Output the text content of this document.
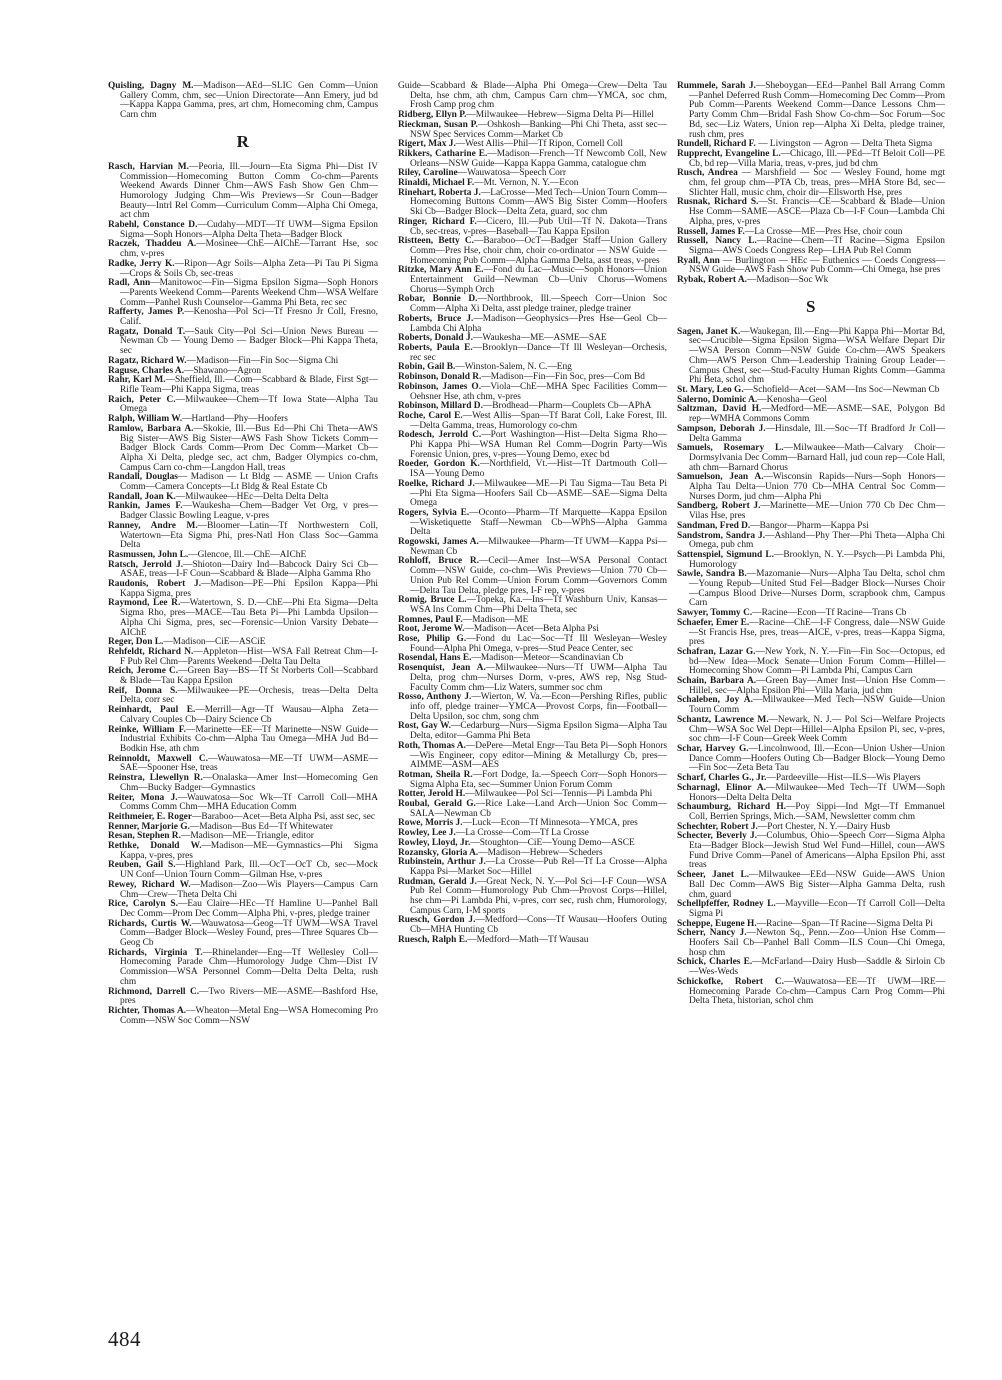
Quisling, Dagny M.—Madison—AEd—SLIC Gen Comm—Union Gallery Comm, chm, sec—Union Directorate—Ann Emery, jud bd—Kappa Kappa Gamma, pres, art chm, Homecoming chm, Campus Carn chm

R

Rasch, Harvian M.—Peoria, Ill.—Journ—Eta Sigma Phi—Dist IV Commission—Homecoming Button Comm Co-chm—Parents Weekend Awards Dinner Chm—AWS Fash Show Gen Chm—Humorology Judging Chm—Wis Previews—Sr Coun—Badger Beauty—Intrl Rel Comm—Curriculum Comm—Alpha Chi Omega, act chm

Rabehl, Constance D.—Cudahy—MDT—Tf UWM—Sigma Epsilon Sigma—Soph Honors—Alpha Delta Theta—Badger Block

Raczek, Thaddeu A.—Mosinee—ChE—AIChE—Tarrant Hse, soc chm, v-pres

Radke, Jerry K.—Ripon—Agr Soils—Alpha Zeta—Pi Tau Pi Sigma—Crops & Soils Cb, sec-treas

Radl, Ann—Manitowoc—Fin—Sigma Epsilon Sigma—Soph Honors—Parents Weekend Comm—Parents Weekend Chm—WSA Welfare Comm—Panhel Rush Counselor—Gamma Phi Beta, rec sec

Rafferty, James P.—Kenosha—Pol Sci—Tf Fresno Jr Coll, Fresno, Calif.

Ragatz, Donald T.—Sauk City—Pol Sci—Union News Bureau — Newman Cb — Young Demo — Badger Block—Phi Kappa Theta, sec

Ragatz, Richard W.—Madison—Fin—Fin Soc—Sigma Chi

Raguse, Charles A.—Shawano—Agron

Rahr, Karl M.—Sheffield, Ill.—Com—Scabbard & Blade, First Sgt—Rifle Team—Phi Kappa Sigma, treas

Raich, Peter C.—Milwaukee—Chem—Tf Iowa State—Alpha Tau Omega

Ralph, William W.—Hartland—Phy—Hoofers

Ramlow, Barbara A.—Skokie, Ill.—Bus Ed—Phi Chi Theta—AWS Big Sister—AWS Big Sister—AWS Fash Show Tickets Comm—Badger Block Cards Comm—Prom Dec Comm—Market Cb—Alpha Xi Delta, pledge sec, act chm, Badger Olympics co-chm, Campus Carn co-chm—Langdon Hall, treas

Randall, Douglas— Madison — Lt Bldg — ASME — Union Crafts Comm—Camera Concepts—Lt Bldg & Real Estate Cb

Randall, Joan K.—Milwaukee—HEc—Delta Delta Delta

Rankin, James F.—Waukesha—Chem—Badger Vet Org, v pres—Badger Classic Bowling League, v-pres

Ranney, Andre M.—Bloomer—Latin—Tf Northwestern Coll, Watertown—Eta Sigma Phi, pres-Natl Hon Class Soc—Gamma Delta

Rasmussen, John L.—Glencoe, Ill.—ChE—AIChE

Ratsch, Jerrold J.—Shioton—Dairy Ind—Babcock Dairy Sci Cb—ASAE, treas—I-F Coun—Scabbard & Blade—Alpha Gamma Rho

Raudonis, Robert J.—Madison—PE—Phi Epsilon Kappa—Phi Kappa Sigma, pres

Raymond, Lee R.—Watertown, S. D.—ChE—Phi Eta Sigma—Delta Sigma Rho, pres—MACE—Tau Beta Pi—Phi Lambda Upsilon—Alpha Chi Sigma, pres, sec—Forensic—Union Varsity Debate—AIChE

Reger, Don L.—Madison—CiE—ASCiE

Rehfeldt, Richard N.—Appleton—Hist—WSA Fall Retreat Chm—I-F Pub Rel Chm—Parents Weekend—Delta Tau Delta

Reich, Jerome C.—Green Bay—BS—Tf St Norberts Coll—Scabbard & Blade—Tau Kappa Epsilon

Reif, Donna S.—Milwaukee—PE—Orchesis, treas—Delta Delta Delta, corr sec

Reinhardt, Paul E.—Merrill—Agr—Tf Wausau—Alpha Zeta—Calvary Couples Cb—Dairy Science Cb

Reinke, William F.—Marinette—EE—Tf Marinette—NSW Guide—Industrial Exhibits Co-chm—Alpha Tau Omega—MHA Jud Bd—Bodkin Hse, ath chm

Reinnoldt, Maxwell C.—Wauwatosa—ME—Tf UWM—ASME—SAE—Spooner Hse, treas

Reinstra, Llewellyn R.—Onalaska—Amer Inst—Homecoming Gen Chm—Bucky Badger—Gymnastics

Reiter, Mona J.—Wauwatosa—Soc Wk—Tf Carroll Coll—MHA Comms Comm Chm—MHA Education Comm

Reithmeier, E. Roger—Baraboo—Acet—Beta Alpha Psi, asst sec, sec

Renner, Marjorie G.—Madison—Bus Ed—Tf Whitewater

Resan, Stephen R.—Madison—ME—Triangle, editor

Rethke, Donald W.—Madison—ME—Gymnastics—Phi Sigma Kappa, v-pres, pres

Reuben, Gail S.—Highland Park, Ill.—OcT—OcT Cb, sec—Mock UN Conf—Union Tourn Comm—Gilman Hse, v-pres

Rewey, Richard W.—Madison—Zoo—Wis Players—Campus Carn Chm—Crew—Theta Delta Chi

Rice, Carolyn S.—Eau Claire—HEc—Tf Hamline U—Panhel Ball Dec Comm—Prom Dec Comm—Alpha Phi, v-pres, pledge trainer

Richards, Curtis W.—Wauwatosa—Geog—Tf UWM—WSA Travel Comm—Badger Block—Wesley Found, pres—Three Squares Cb—Geog Cb

Richards, Virginia T.—Rhinelander—Eng—Tf Wellesley Coll—Homecoming Parade Chm—Humorology Judge Chm—Dist IV Commission—WSA Personnel Comm—Delta Delta Delta, rush chm

Richmond, Darrell C.—Two Rivers—ME—ASME—Bashford Hse, pres

Richter, Thomas A.—Wheaton—Metal Eng—WSA Homecoming Pro Comm—NSW Soc Comm—NSW

Guide—Scabbard & Blade—Alpha Phi Omega—Crew—Delta Tau Delta, hse chm, ath chm, Campus Carn chm—YMCA, soc chm, Frosh Camp prog chm

Ridberg, Ellyn P.—Milwaukee—Hebrew—Sigma Delta Pi—Hillel

Rieckman, Susan P.—Oshkosh—Banking—Phi Chi Theta, asst sec—NSW Spec Services Comm—Market Cb

Rigert, Max J.—West Allis—Phil—Tf Ripon, Cornell Coll

Rikkers, Catharine E.—Madison—French—Tf Newcomb Coll, New Orleans—NSW Guide—Kappa Kappa Gamma, catalogue chm

Riley, Caroline—Wauwatosa—Speech Corr

Rinaldi, Michael F.—Mt. Vernon, N. Y.—Econ

Rinehart, Roberta J.—LaCrosse—Med Tech—Union Tourn Comm—Homecoming Buttons Comm—AWS Big Sister Comm—Hoofers Ski Cb—Badger Block—Delta Zeta, guard, soc chm

Ringer, Richard F.—Cicero, Ill.—Pub Util—Tf N. Dakota—Trans Cb, sec-treas, v-pres—Baseball—Tau Kappa Epsilon

Ristteen, Betty C.—Baraboo—OcT—Badger Staff—Union Gallery Comm—Pres Hse, choir chm, choir co-ordinator — NSW Guide — Homecoming Pub Comm—Alpha Gamma Delta, asst treas, v-pres

Ritzke, Mary Ann E.—Fond du Lac—Music—Soph Honors—Union Entertainment Guild—Newman Cb—Univ Chorus—Womens Chorus—Symph Orch

Robar, Bonnie D.—Northbrook, Ill.—Speech Corr—Union Soc Comm—Alpha Xi Delta, asst pledge trainer, pledge trainer

Roberts, Bruce J.—Madison—Geophysics—Pres Hse—Geol Cb—Lambda Chi Alpha

Roberts, Donald J.—Waukesha—ME—ASME—SAE

Roberts, Paula E.—Brooklyn—Dance—Tf Ill Wesleyan—Orchesis, rec sec

Robin, Gail B.—Winston-Salem, N. C.—Eng

Robinson, Donald R.—Madison—Fin—Fin Soc, pres—Com Bd

Robinson, James O.—Viola—ChE—MHA Spec Facilities Comm—Oehsner Hse, ath chm, v-pres

Robinson, Millard D.—Brodhead—Pharm—Couplets Cb—APhA

Roche, Carol E.—West Allis—Span—Tf Barat Coll, Lake Forest, Ill.—Delta Gamma, treas, Humorology co-chm

Rodesch, Jerrold C.—Port Washington—Hist—Delta Sigma Rho—Phi Kappa Phi—WSA Human Rel Comm—Dogrin Party—Wis Forensic Union, pres, v-pres—Young Demo, exec bd

Roeder, Gordon K.—Northfield, Vt.—Hist—Tf Dartmouth Coll—ISA—Young Demo

Roelke, Richard J.—Milwaukee—ME—Pi Tau Sigma—Tau Beta Pi—Phi Eta Sigma—Hoofers Sail Cb—ASME—SAE—Sigma Delta Omega

Rogers, Sylvia E.—Oconto—Pharm—Tf Marquette—Kappa Epsilon—Wisketiquette Staff—Newman Cb—WPhS—Alpha Gamma Delta

Rogowski, James A.—Milwaukee—Pharm—Tf UWM—Kappa Psi—Newman Cb

Rohloff, Bruce R.—Cecil—Amer Inst—WSA Personal Contact Comm—NSW Guide, co-chm—Wis Previews—Union 770 Cb—Union Pub Rel Comm—Union Forum Comm—Governors Comm—Delta Tau Delta, pledge pres, I-F rep, v-pres

Romig, Bruce L.—Topeka, Ka.—Ins—Tf Washburn Univ, Kansas—WSA Ins Comm Chm—Phi Delta Theta, sec

Romnes, Paul F.—Madison—ME

Root, Jerome W.—Madison—Acet—Beta Alpha Psi

Rose, Philip G.—Fond du Lac—Soc—Tf Ill Wesleyan—Wesley Found—Alpha Phi Omega, v-pres—Stud Peace Center, sec

Rosendal, Hans E.—Madison—Meteor—Scandinavian Cb

Rosenquist, Jean A.—Milwaukee—Nurs—Tf UWM—Alpha Tau Delta, prog chm—Nurses Dorm, v-pres, AWS rep, Nsg Stud-Faculty Comm chm—Liz Waters, summer soc chm

Rosso, Anthony J.—Wierton, W. Va.—Econ—Pershing Rifles, public info off, pledge trainer—YMCA—Provost Corps, fin—Football—Delta Upsilon, soc chm, song chm

Rost, Gay W.—Cedarburg—Nurs—Sigma Epsilon Sigma—Alpha Tau Delta, editor—Gamma Phi Beta

Roth, Thomas A.—DePere—Metal Engr—Tau Beta Pi—Soph Honors—Wis Engineer, copy editor—Mining & Metallurgy Cb, pres—AIMME—ASM—AES

Rotman, Sheila R.—Fort Dodge, Ia.—Speech Corr—Soph Honors—Sigma Alpha Eta, sec—Summer Union Forum Comm

Rotter, Jerold H.—Milwaukee—Pol Sci—Tennis—Pi Lambda Phi

Roubal, Gerald G.—Rice Lake—Land Arch—Union Soc Comm—SALA—Newman Cb

Rowe, Morris J.—Luck—Econ—Tf Minnesota—YMCA, pres

Rowley, Lee J.—La Crosse—Com—Tf La Crosse

Rowley, Lloyd, Jr.—Stoughton—CiE—Young Demo—ASCE

Rozansky, Gloria A.—Madison—Hebrew—Scheders

Rubinstein, Arthur J.—La Crosse—Pub Rel—Tf La Crosse—Alpha Kappa Psi—Market Soc—Hillel

Rudman, Gerald J.—Great Neck, N. Y.—Pol Sci—I-F Coun—WSA Pub Rel Comm—Humorology Pub Chm—Provost Corps—Hillel, hse chm—Pi Lambda Phi, v-pres, corr sec, rush chm, Humorology, Campus Carn, I-M sports

Ruesch, Gordon J.—Medford—Cons—Tf Wausau—Hoofers Outing Cb—MHA Hunting Cb

Ruesch, Ralph E.—Medford—Math—Tf Wausau

Rummele, Sarah J.—Sheboygan—EEd—Panhel Ball Arrang Comm—Panhel Deferred Rush Comm—Homecoming Dec Comm—Prom Pub Comm—Parents Weekend Comm—Dance Lessons Chm—Party Comm Chm—Bridal Fash Show Co-chm—Soc Forum—Soc Bd, sec—Liz Waters, Union rep—Alpha Xi Delta, pledge trainer, rush chm, pres

Rundell, Richard F. — Livingston — Agron — Delta Theta Sigma

Rupprecht, Evangeline L.—Chicago, Ill.—PEd—Tf Beloit Coll—PE Cb, bd rep—Villa Maria, treas, v-pres, jud bd chm

Rusch, Andrea — Marshfield — Soc — Wesley Found, home mgt chm, fel group chm—PTA Cb, treas, pres—MHA Store Bd, sec—Slichter Hall, music chm, choir dir—Ellsworth Hse, pres

Rusnak, Richard S.—St. Francis—CE—Scabbard & Blade—Union Hse Comm—SAME—ASCE—Plaza Cb—I-F Coun—Lambda Chi Alpha, pres, v-pres

Russell, James F.—La Crosse—ME—Pres Hse, choir coun

Russell, Nancy L.—Racine—Chem—Tf Racine—Sigma Epsilon Sigma—AWS Coeds Congress Rep—LHA Pub Rel Comm

Ryall, Ann — Burlington — HEc — Euthenics — Coeds Congress—NSW Guide—AWS Fash Show Pub Comm—Chi Omega, hse pres

Rybak, Robert A.—Madison—Soc Wk

S

Sagen, Janet K.—Waukegan, Ill.—Eng—Phi Kappa Phi—Mortar Bd, sec—Crucible—Sigma Epsilon Sigma—WSA Welfare Depart Dir—WSA Person Comm—NSW Guide Co-chm—AWS Speakers Chm—AWS Person Chm—Leadership Training Group Leader—Campus Chest, sec—Stud-Faculty Human Rights Comm—Gamma Phi Beta, schol chm

St. Mary, Leo G.—Schofield—Acet—SAM—Ins Soc—Newman Cb

Salerno, Dominic A.—Kenosha—Geol

Saltzman, David H.—Medford—ME—ASME—SAE, Polygon Bd rep—WMHA Commons Comm

Sampson, Deborah J.—Hinsdale, Ill.—Soc—Tf Bradford Jr Coll—Delta Gamma

Samuels, Rosemary L.—Milwaukee—Math—Calvary Choir—Dormsylvania Dec Comm—Barnard Hall, jud coun rep—Cole Hall, ath chm—Barnard Chorus

Samuelson, Jean A.—Wisconsin Rapids—Nurs—Soph Honors—Alpha Tau Delta—Union 770 Cb—MHA Central Soc Comm—Nurses Dorm, jud chm—Alpha Phi

Sandberg, Robert J.—Marinette—ME—Union 770 Cb Dec Chm—Vilas Hse, pres

Sandman, Fred D.—Bangor—Pharm—Kappa Psi

Sandstrom, Sandra J.—Ashland—Phy Ther—Phi Theta—Alpha Chi Omega, pub chm

Sattenspiel, Sigmund L.—Brooklyn, N. Y.—Psych—Pi Lambda Phi, Humorology

Sawle, Sandra B.—Mazomanie—Nurs—Alpha Tau Delta, schol chm—Young Repub—United Stud Fel—Badger Block—Nurses Choir—Campus Blood Drive—Nurses Dorm, scrapbook chm, Campus Carn

Sawyer, Tommy C.—Racine—Econ—Tf Racine—Trans Cb

Schaefer, Emer E.—Racine—ChE—I-F Congress, dale—NSW Guide—St Francis Hse, pres, treas—AICE, v-pres, treas—Kappa Sigma, pres

Schafran, Lazar G.—New York, N. Y.—Fin—Fin Soc—Octopus, ed bd—New Idea—Mock Senate—Union Forum Comm—Hillel—Homecoming Show Comm—Pi Lambda Phi, Campus Carn

Schain, Barbara A.—Green Bay—Amer Inst—Union Hse Comm—Hillel, sec—Alpha Epsilon Phi—Villa Maria, jud chm

Schaleben, Joy A.—Milwaukee—Med Tech—NSW Guide—Union Tourn Comm

Schantz, Lawrence M.—Newark, N. J.— Pol Sci—Welfare Projects Chm—WSA Soc Wel Dept—Hillel—Alpha Epsilon Pi, sec, v-pres, soc chm—I-F Coun—Greek Week Comm

Schar, Harvey G.—Lincolnwood, Ill.—Econ—Union Usher—Union Dance Comm—Hoofers Outing Cb—Badger Block—Young Demo—Fin Soc—Zeta Beta Tau

Scharf, Charles G., Jr.—Pardeeville—Hist—ILS—Wis Players

Scharnagl, Elinor A.—Milwaukee—Med Tech—Tf UWM—Soph Honors—Delta Delta Delta

Schaumburg, Richard H.—Poy Sippi—Ind Mgt—Tf Emmanuel Coll, Berrien Springs, Mich.—SAM, Newsletter comm chm

Schechter, Robert J.—Port Chester, N. Y.—Dairy Husb

Schecter, Beverly J.—Columbus, Ohio—Speech Corr—Sigma Alpha Eta—Badger Block—Jewish Stud Wel Fund—Hillel, coun—AWS Fund Drive Comm—Panel of Americans—Alpha Epsilon Phi, asst treas

Scheer, Janet L.—Milwaukee—EEd—NSW Guide—AWS Union Ball Dec Comm—AWS Big Sister—Alpha Gamma Delta, rush chm, guard

Schellpfeffer, Rodney L.—Mayville—Econ—Tf Carroll Coll—Delta Sigma Pi

Scheppe, Eugene H.—Racine—Span—Tf Racine—Sigma Delta Pi

Scherr, Nancy J.—Newton Sq., Penn.—Zoo—Union Hse Comm—Hoofers Sail Cb—Panhel Ball Comm—ILS Coun—Chi Omega, hosp chm

Schick, Charles E.—McFarland—Dairy Husb—Saddle & Sirloin Cb—Wes-Weds

Schickofke, Robert C.—Wauwatosa—EE—Tf UWM—IRE—Homecoming Parade Co-chm—Campus Carn Prog Comm—Phi Delta Theta, historian, schol chm

484
